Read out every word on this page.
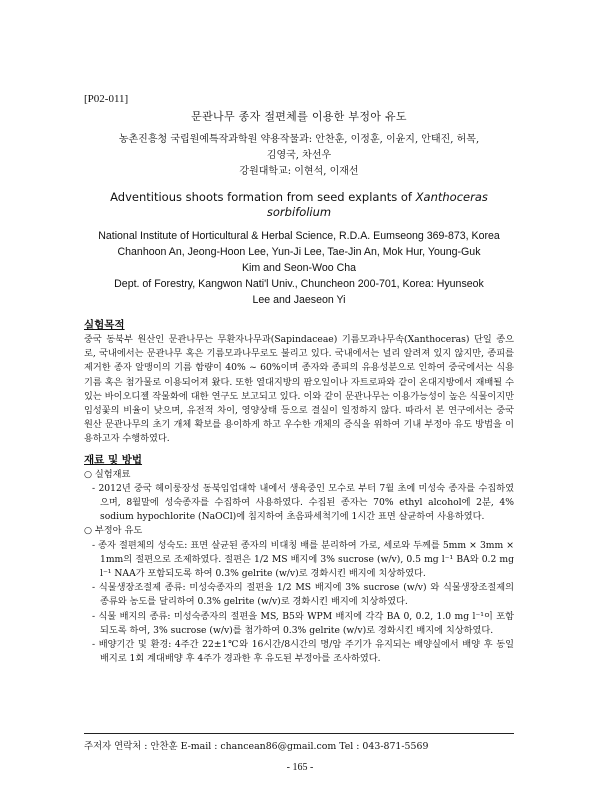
[P02-011]

문관나무 종자 절편체를 이용한 부정아 유도
농촌진흥청 국립원예특작과학원 약용작물과: 안찬훈, 이정훈, 이윤지, 안태진, 허목,
김영국, 차선우
강원대학교: 이현석, 이재선
Adventitious shoots formation from seed explants of Xanthoceras
sorbifolium
National Institute of Horticultural & Herbal Science, R.D.A. Eumseong 369-873, Korea
Chanhoon An, Jeong-Hoon Lee, Yun-Ji Lee, Tae-Jin An, Mok Hur, Young-Guk
Kim and Seon-Woo Cha
Dept. of Forestry, Kangwon Nati'l Univ., Chuncheon 200-701, Korea: Hyunseok
Lee and Jaeseon Yi
실험목적

중국 동북부 원산인 문관나무는 무환자나무과(Sapindaceae) 기름모과나무속(Xanthoceras) 단일 종으로, 국내에서는 문관나무 혹은 기름모과나무로도 불리고 있다. 국내에서는 널리 알려져 있지 않지만, 종피를 제거한 종자 알맹이의 기름 함량이 40% ~ 60%이며 종자와 종피의 유용성분으로 인하여 중국에서는 식용기름 혹은 첨가물로 이용되어져 왔다. 또한 열대지방의 팜오일이나 자트로파와 같이 온대지방에서 재배될 수 있는 바이오디젤 작물화에 대한 연구도 보고되고 있다. 이와 같이 문관나무는 이용가능성이 높은 식물이지만 임성꽃의 비율이 낮으며, 유전적 차이, 영양상태 등으로 결실이 일정하지 않다. 따라서 본 연구에서는 중국 원산 문관나무의 초기 개체 확보를 용이하게 하고 우수한 개체의 증식을 위하여 기내 부정아 유도 방법을 이용하고자 수행하였다.

재료 및 방법

○ 실험재료

- 2012년 중국 헤이룽장성 동북임업대학 내에서 생육중인 모수로 부터 7월 초에 미성숙 종자를 수집하였으며, 8월말에 성숙종자를 수집하여 사용하였다. 수집된 종자는 70% ethyl alcohol에 2분, 4% sodium hypochlorite (NaOCl)에 침지하여 초음파세척기에 1시간 표면 살균하여 사용하였다.

○ 부정아 유도

- 종자 절편체의 성숙도: 표면 살균된 종자의 비대칭 배를 분리하여 가로, 세로와 두께를 5mm × 3mm × 1mm의 절편으로 조제하였다. 절편은 1/2 MS 배지에 3% sucrose (w/v), 0.5 mg l⁻¹ BA와 0.2 mg l⁻¹ NAA가 포함되도록 하여 0.3% gelrite (w/v)로 경화시킨 배지에 치상하였다.

- 식물생장조절제 종류: 미성숙종자의 절편을 1/2 MS 배지에 3% sucrose (w/v) 와 식물생장조절제의 종류와 농도를 달리하여 0.3% gelrite (w/v)로 경화시킨 배지에 치상하였다.

- 식물 배지의 종류: 미성숙종자의 절편을 MS, B5와 WPM 배지에 각각 BA 0, 0.2, 1.0 mg l⁻¹이 포함되도록 하여, 3% sucrose (w/v)를 첨가하여 0.3% gelrite (w/v)로 경화시킨 배지에 치상하였다.

- 배양기간 및 환경: 4주간 22±1℃와 16시간/8시간의 명/암 주기가 유지되는 배양실에서 배양 후 동일 배지로 1회 계대배양 후 4주가 경과한 후 유도된 부정아를 조사하였다.

주저자 연락처 : 안찬훈 E-mail : chancean86@gmail.com Tel : 043-871-5569
- 165 -
